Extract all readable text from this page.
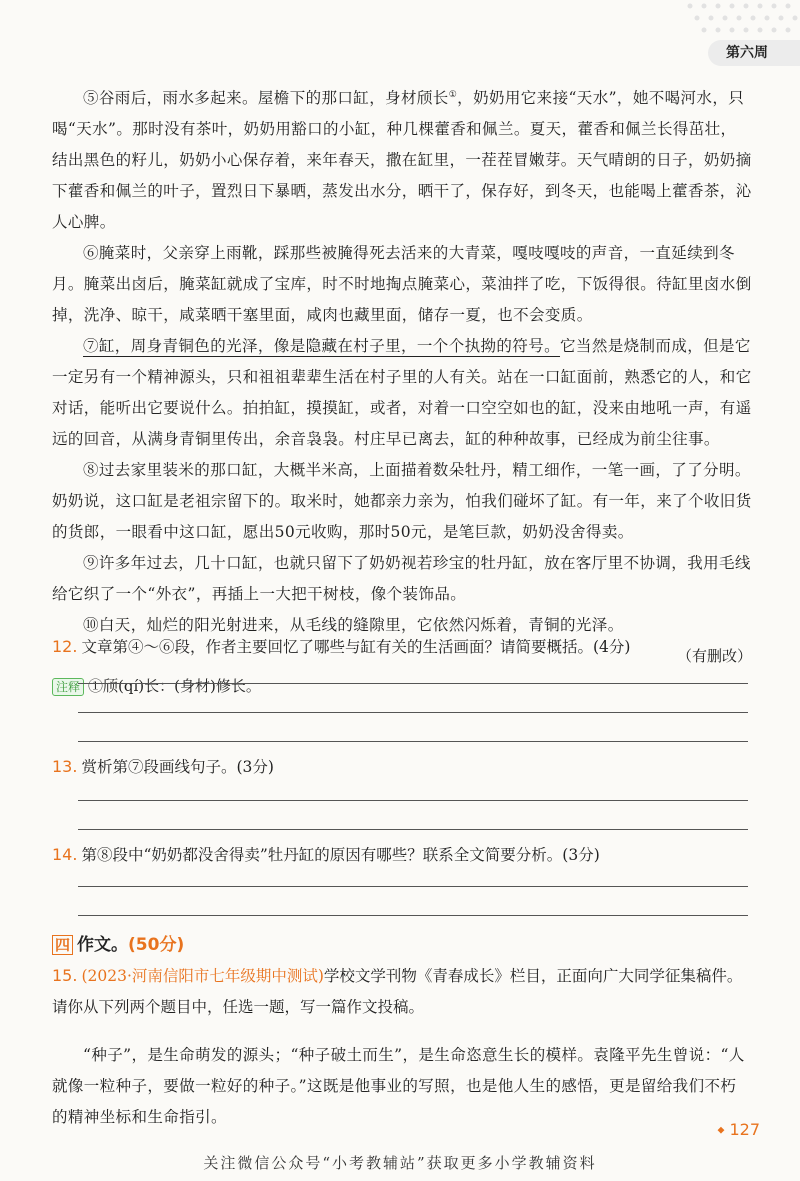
第六周

⑤谷雨后，雨水多起来。屋檐下的那口缸，身材颀长①，奶奶用它来接“天水”，她不喝河水，只喝“天水”。那时没有茶叶，奶奶用豁口的小缸，种几棵藿香和佩兰。夏天，藿香和佩兰长得茁壮，结出黑色的籽儿，奶奶小心保存着，来年春天，撒在缸里，一茬茬冒嫩芽。天气晴朗的日子，奶奶摘下藿香和佩兰的叶子，置烈日下暴晒，蒸发出水分，晒干了，保存好，到冬天，也能喝上藿香茶，沁人心脾。

⑥腌菜时，父亲穿上雨靴，踩那些被腌得死去活来的大青菜，嘎吱嘎吱的声音，一直延续到冬月。腌菜出卤后，腌菜缸就成了宝库，时不时地掏点腌菜心，菜油拌了吃，下饭得很。待缸里卤水倒掉，洗净、晾干，咸菜晒干塞里面，咸肉也藏里面，储存一夏，也不会变质。

⑦缸，周身青铜色的光泽，像是隐藏在村子里，一个个执拗的符号。它当然是烧制而成，但是它一定另有一个精神源头，只和祖祖辈辈生活在村子里的人有关。站在一口缸面前，熟悉它的人，和它对话，能听出它要说什么。拍拍缸，摸摸缸，或者，对着一口空空如也的缸，没来由地吼一声，有遥远的回音，从满身青铜里传出，余音袅袅。村庄早已离去，缸的种种故事，已经成为前尘往事。

⑧过去家里装米的那口缸，大概半米高，上面描着数朵牡丹，精工细作，一笔一画，了了分明。奶奶说，这口缸是老祖宗留下的。取米时，她都亲力亲为，怕我们碰坏了缸。有一年，来了个收旧货的货郎，一眼看中这口缸，愿出50元收购，那时50元，是笔巨款，奶奶没舍得卖。

⑨许多年过去，几十口缸，也就只留下了奶奶视若珍宝的牡丹缸，放在客厅里不协调，我用毛线给它织了一个“外衣”，再插上一大把干树枝，像个装饰品。

⑩白天，灿烂的阳光射进来，从毛线的缝隙里，它依然闪烁着，青铜的光泽。

（有删改）

注释 ①颀(qí)长：(身材)修长。

12. 文章第④～⑥段，作者主要回忆了哪些与缸有关的生活画面？请简要概括。(4分)
13. 赏析第⑦段画线句子。(3分)
14. 第⑧段中“奶奶都没舍得卖”牡丹缸的原因有哪些？联系全文简要分析。(3分)
四 作文。(50分)
15. (2023·河南信阳市七年级期中测试)学校文学刊物《青春成长》栏目，正面向广大同学征集稿件。请你从下列两个题目中，任选一题，写一篇作文投稿。

“种子”，是生命萌发的源头；“种子破土而生”，是生命恣意生长的模样。袁隆平先生曾说：“人就像一粒种子，要做一粒好的种子。”这既是他事业的写照，也是他人生的感悟，更是留给我们不朽的精神坐标和生命指引。

◆ 127
关注微信公众号“小考教辅站”获取更多小学教辅资料
